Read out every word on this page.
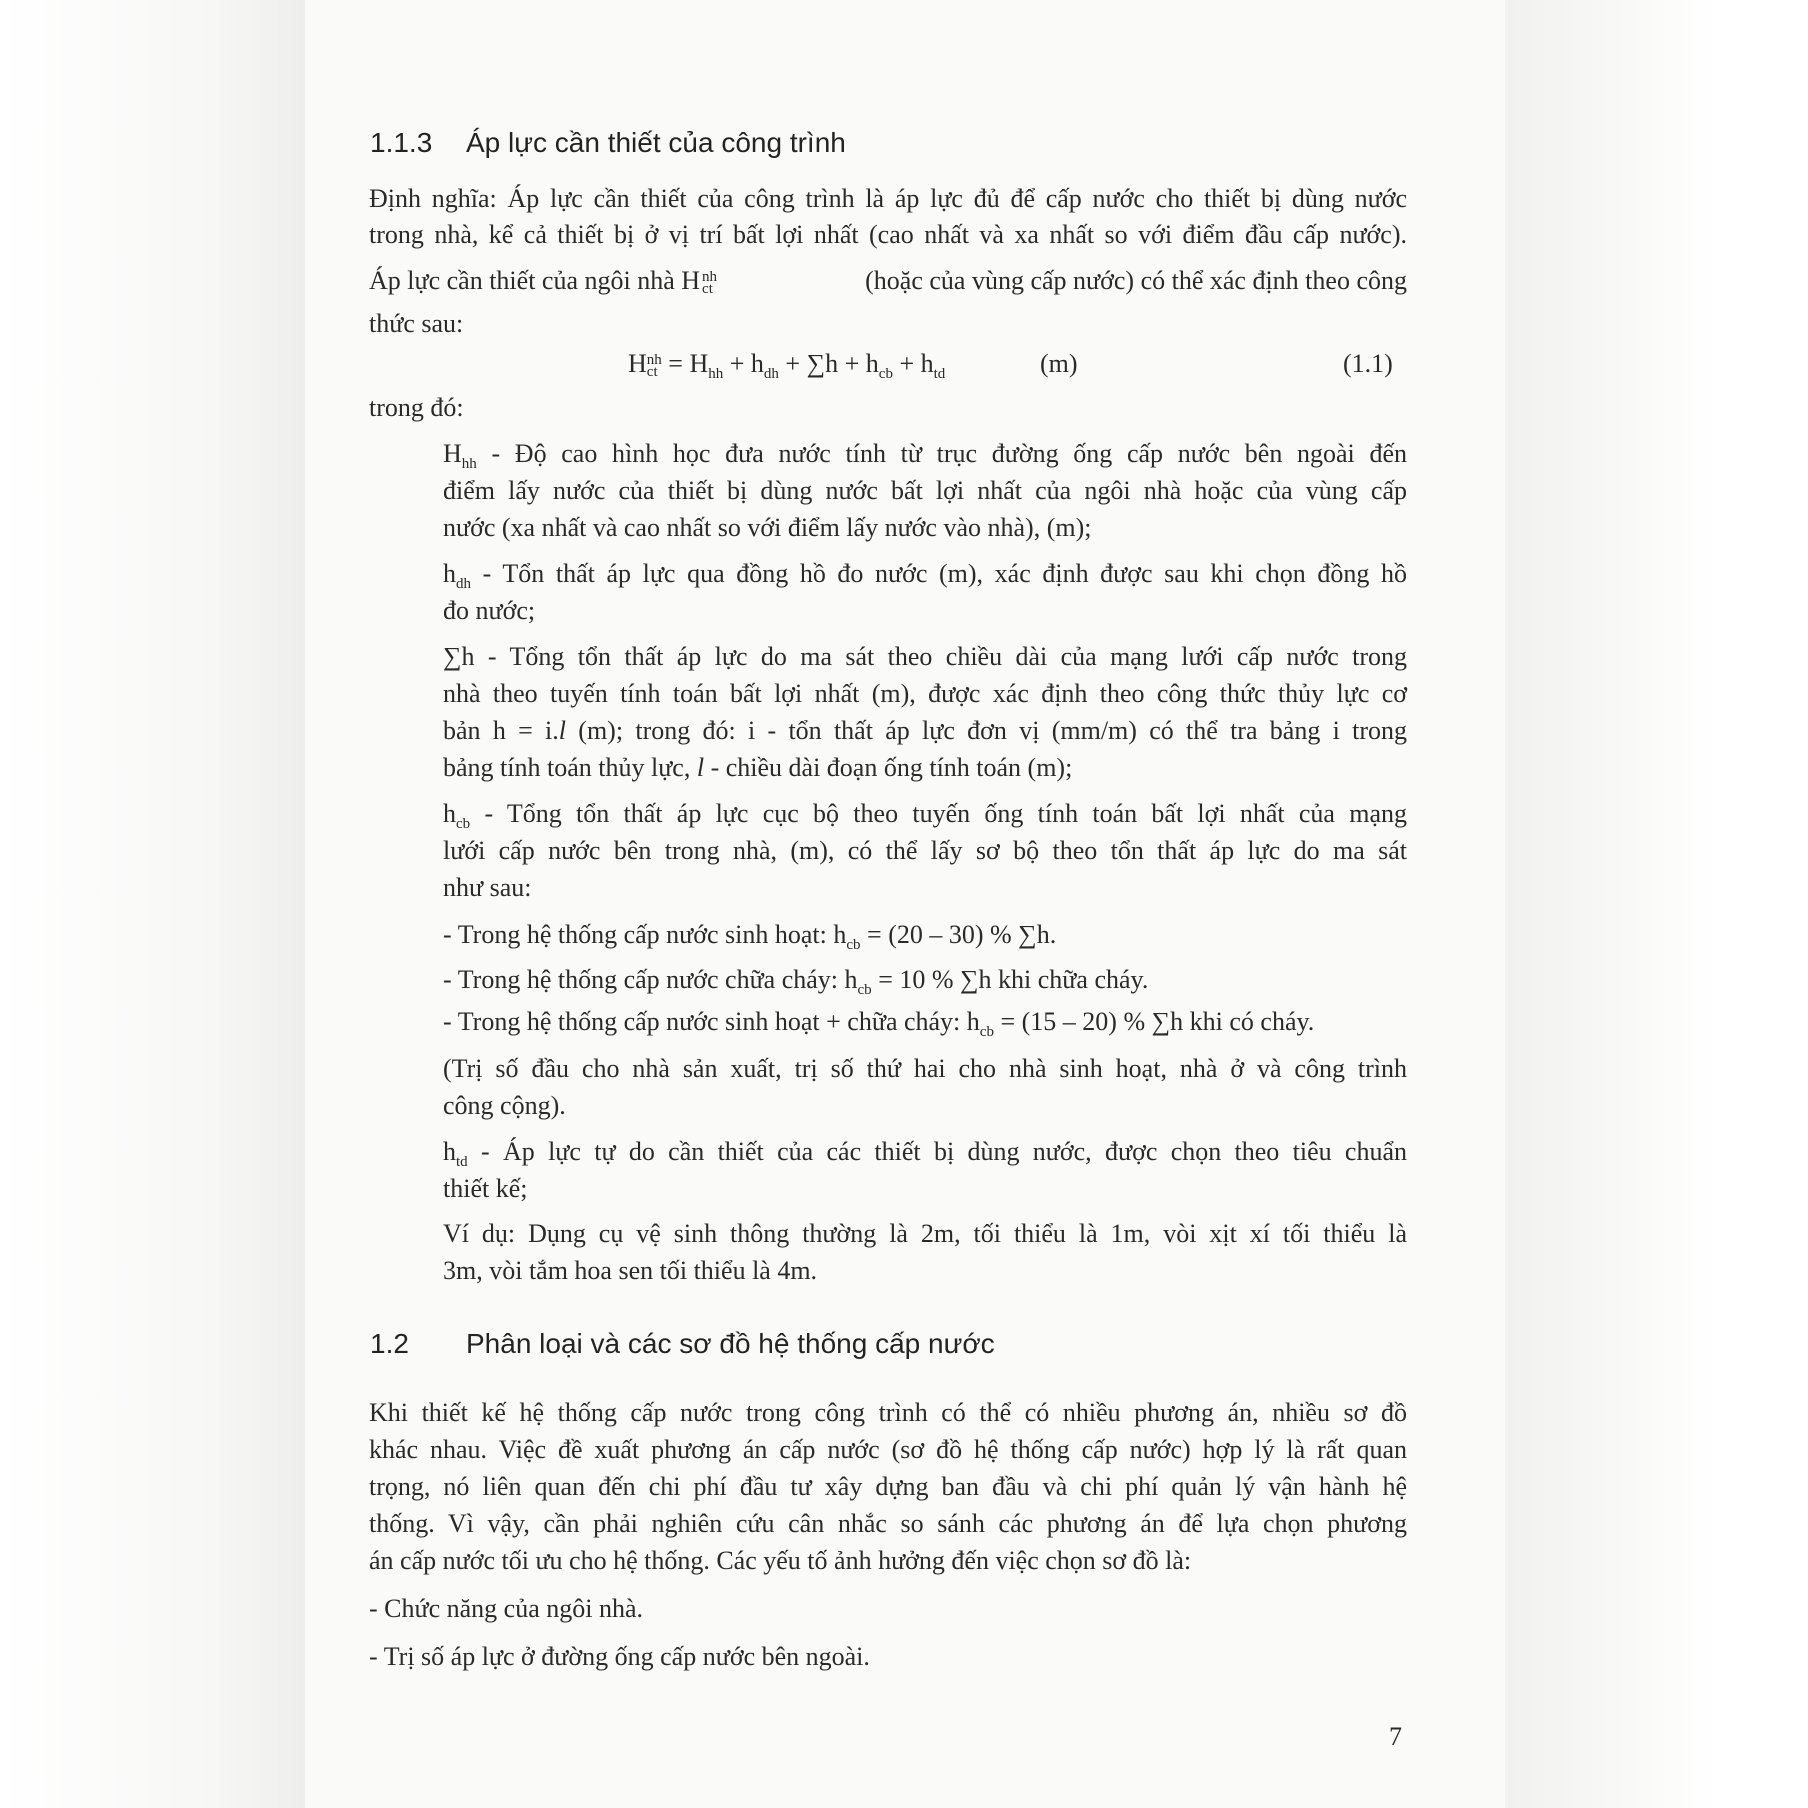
1.1.3 Áp lực cần thiết của công trình
Định nghĩa: Áp lực cần thiết của công trình là áp lực đủ để cấp nước cho thiết bị dùng nước
trong nhà, kể cả thiết bị ở vị trí bất lợi nhất (cao nhất và xa nhất so với điểm đầu cấp nước).
Áp lực cần thiết của ngôi nhà H nh
ct	(hoặc của vùng cấp nước) có thể xác định theo công
thức sau:
H nh
ct = $H_{hh} + h_{dh} + \sum h + h_{cb} + h_{td}$	(m)	(1.1)
trong đó:
$H_{hh}$ - Độ cao hình học đưa nước tính từ trục đường ống cấp nước bên ngoài đến
điểm lấy nước của thiết bị dùng nước bất lợi nhất của ngôi nhà hoặc của vùng cấp
nước (xa nhất và cao nhất so với điểm lấy nước vào nhà), (m);
$h_{dh}$ - Tổn thất áp lực qua đồng hồ đo nước (m), xác định được sau khi chọn đồng hồ
đo nước;
∑h - Tổng tổn thất áp lực do ma sát theo chiều dài của mạng lưới cấp nước trong
nhà theo tuyến tính toán bất lợi nhất (m), được xác định theo công thức thủy lực cơ
bản h = i.l (m); trong đó: i - tổn thất áp lực đơn vị (mm/m) có thể tra bảng i trong
bảng tính toán thủy lực, l - chiều dài đoạn ống tính toán (m);
$h_{cb}$ - Tổng tổn thất áp lực cục bộ theo tuyến ống tính toán bất lợi nhất của mạng
lưới cấp nước bên trong nhà, (m), có thể lấy sơ bộ theo tổn thất áp lực do ma sát
như sau:
- Trong hệ thống cấp nước sinh hoạt: $h_{cb} = (20 - 30)$ % ∑h.
- Trong hệ thống cấp nước chữa cháy: $h_{cb} = 10$ % ∑h khi chữa cháy.
- Trong hệ thống cấp nước sinh hoạt + chữa cháy: $h_{cb} = (15 - 20)$ % ∑h khi có cháy.
(Trị số đầu cho nhà sản xuất, trị số thứ hai cho nhà sinh hoạt, nhà ở và công trình
công cộng).
$h_{td}$ - Áp lực tự do cần thiết của các thiết bị dùng nước, được chọn theo tiêu chuẩn
thiết kế;
Ví dụ: Dụng cụ vệ sinh thông thường là 2m, tối thiểu là 1m, vòi xịt xí tối thiểu là
3m, vòi tắm hoa sen tối thiểu là 4m.
1.2 Phân loại và các sơ đồ hệ thống cấp nước
Khi thiết kế hệ thống cấp nước trong công trình có thể có nhiều phương án, nhiều sơ đồ
khác nhau. Việc đề xuất phương án cấp nước (sơ đồ hệ thống cấp nước) hợp lý là rất quan
trọng, nó liên quan đến chi phí đầu tư xây dựng ban đầu và chi phí quản lý vận hành hệ
thống. Vì vậy, cần phải nghiên cứu cân nhắc so sánh các phương án để lựa chọn phương
án cấp nước tối ưu cho hệ thống. Các yếu tố ảnh hưởng đến việc chọn sơ đồ là:
- Chức năng của ngôi nhà.
- Trị số áp lực ở đường ống cấp nước bên ngoài.
7
